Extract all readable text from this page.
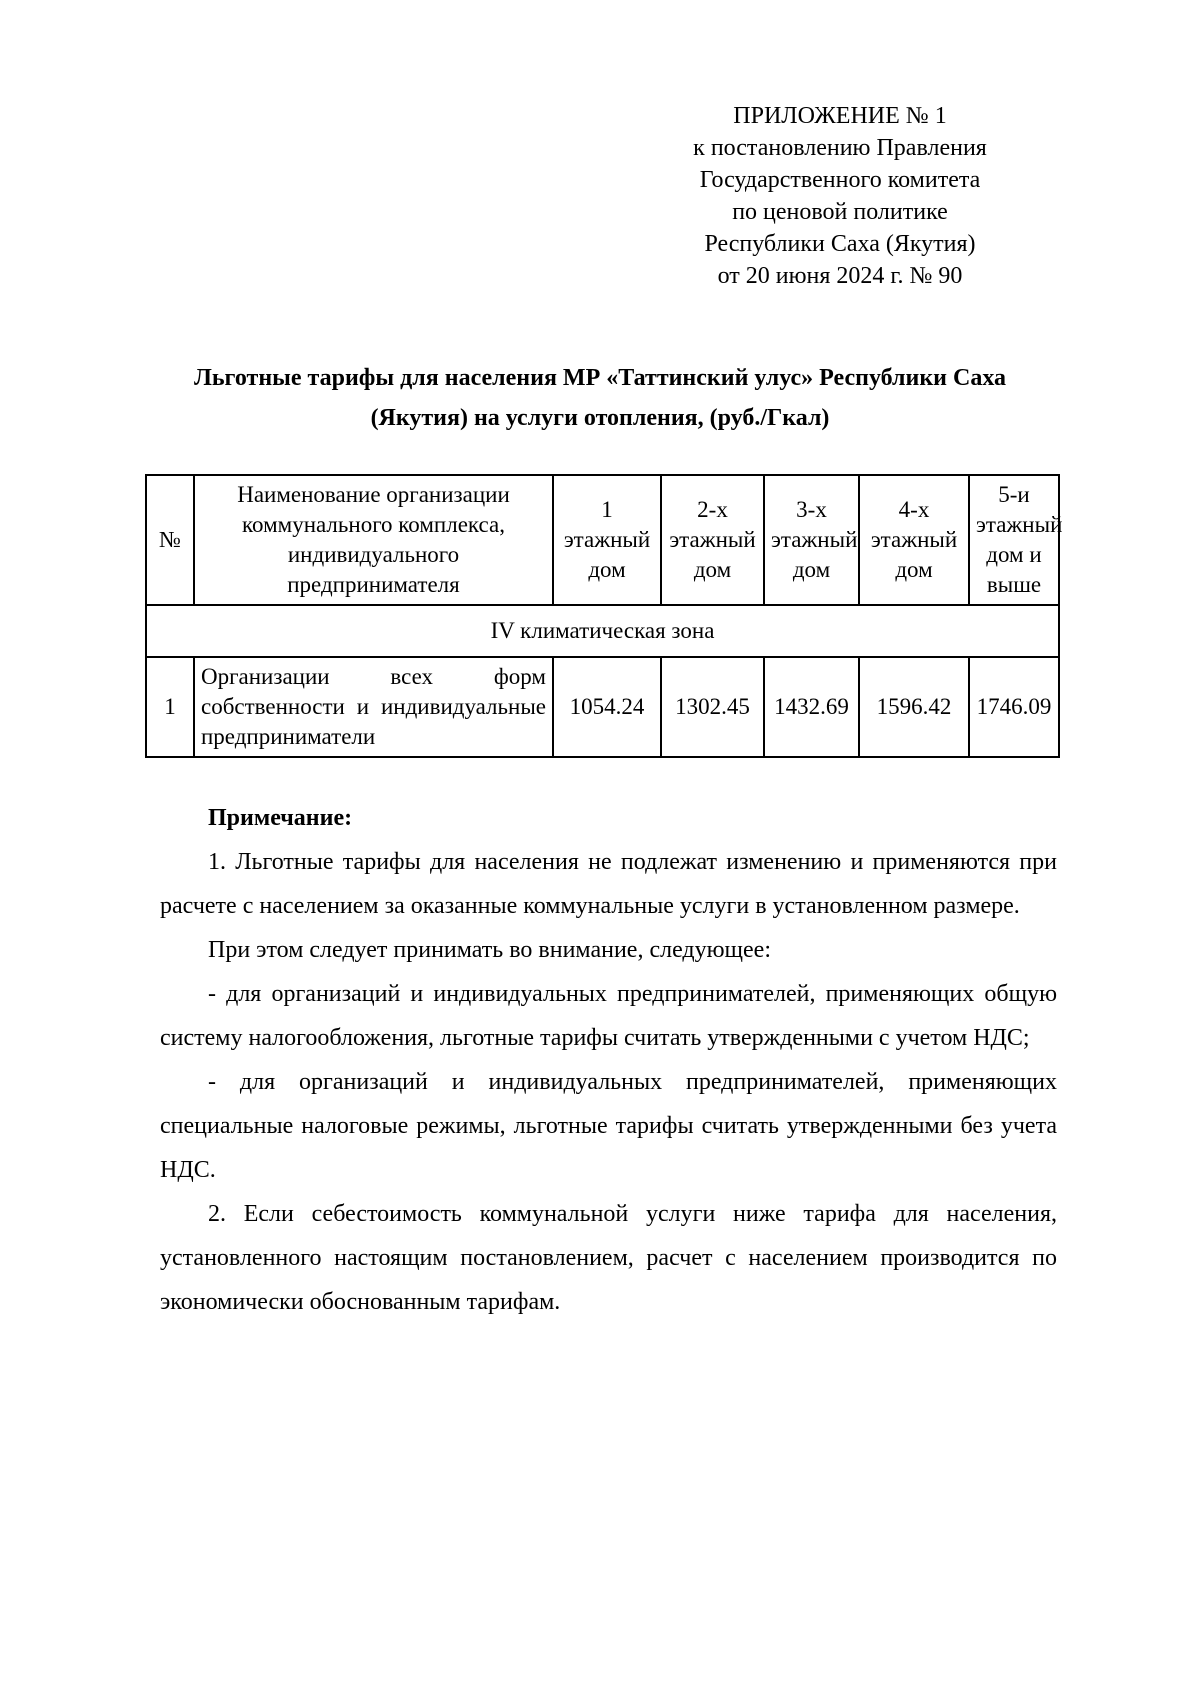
ПРИЛОЖЕНИЕ № 1
к постановлению Правления
Государственного комитета
по ценовой политике
Республики Саха (Якутия)
от 20 июня 2024 г. № 90
Льготные тарифы для населения МР «Таттинский улус» Республики Саха (Якутия) на услуги отопления, (руб./Гкал)
№	Наименование организации коммунального комплекса, индивидуального предпринимателя	1 этажный дом	2-х этажный дом	3-х этажный дом	4-х этажный дом	5-и этажный дом и выше
IV климатическая зона						
1	Организации всех форм собственности и индивидуальные предприниматели	1054.24	1302.45	1432.69	1596.42	1746.09
Примечание:

1. Льготные тарифы для населения не подлежат изменению и применяются при расчете с населением за оказанные коммунальные услуги в установленном размере.

При этом следует принимать во внимание, следующее:

- для организаций и индивидуальных предпринимателей, применяющих общую систему налогообложения, льготные тарифы считать утвержденными с учетом НДС;

- для организаций и индивидуальных предпринимателей, применяющих специальные налоговые режимы, льготные тарифы считать утвержденными без учета НДС.

2. Если себестоимость коммунальной услуги ниже тарифа для населения, установленного настоящим постановлением, расчет с населением производится по экономически обоснованным тарифам.
